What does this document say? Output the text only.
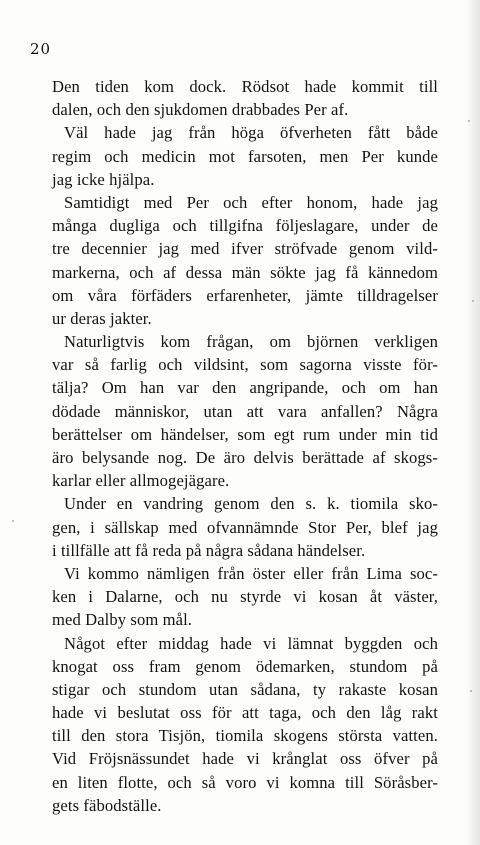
20
Den tiden kom dock. Rödsot hade kommit till
dalen, och den sjukdomen drabbades Per af.
Väl hade jag från höga öfverheten fått både
regim och medicin mot farsoten, men Per kunde
jag icke hjälpa.
Samtidigt med Per och efter honom, hade jag
många dugliga och tillgifna följeslagare, under de
tre decennier jag med ifver ströfvade genom vild-
markerna, och af dessa män sökte jag få kännedom
om våra förfäders erfarenheter, jämte tilldragelser
ur deras jakter.
Naturligtvis kom frågan, om björnen verkligen
var så farlig och vildsint, som sagorna visste för-
tälja? Om han var den angripande, och om han
dödade människor, utan att vara anfallen? Några
berättelser om händelser, som egt rum under min tid
äro belysande nog. De äro delvis berättade af skogs-
karlar eller allmogejägare.
Under en vandring genom den s. k. tiomila sko-
gen, i sällskap med ofvannämnde Stor Per, blef jag
i tillfälle att få reda på några sådana händelser.
Vi kommo nämligen från öster eller från Lima soc-
ken i Dalarne, och nu styrde vi kosan åt väster,
med Dalby som mål.
Något efter middag hade vi lämnat byggden och
knogat oss fram genom ödemarken, stundom på
stigar och stundom utan sådana, ty rakaste kosan
hade vi beslutat oss för att taga, och den låg rakt
till den stora Tisjön, tiomila skogens största vatten.
Vid Fröjsnässundet hade vi krånglat oss öfver på
en liten flotte, och så voro vi komna till Söråsber-
gets fäbodställe.
